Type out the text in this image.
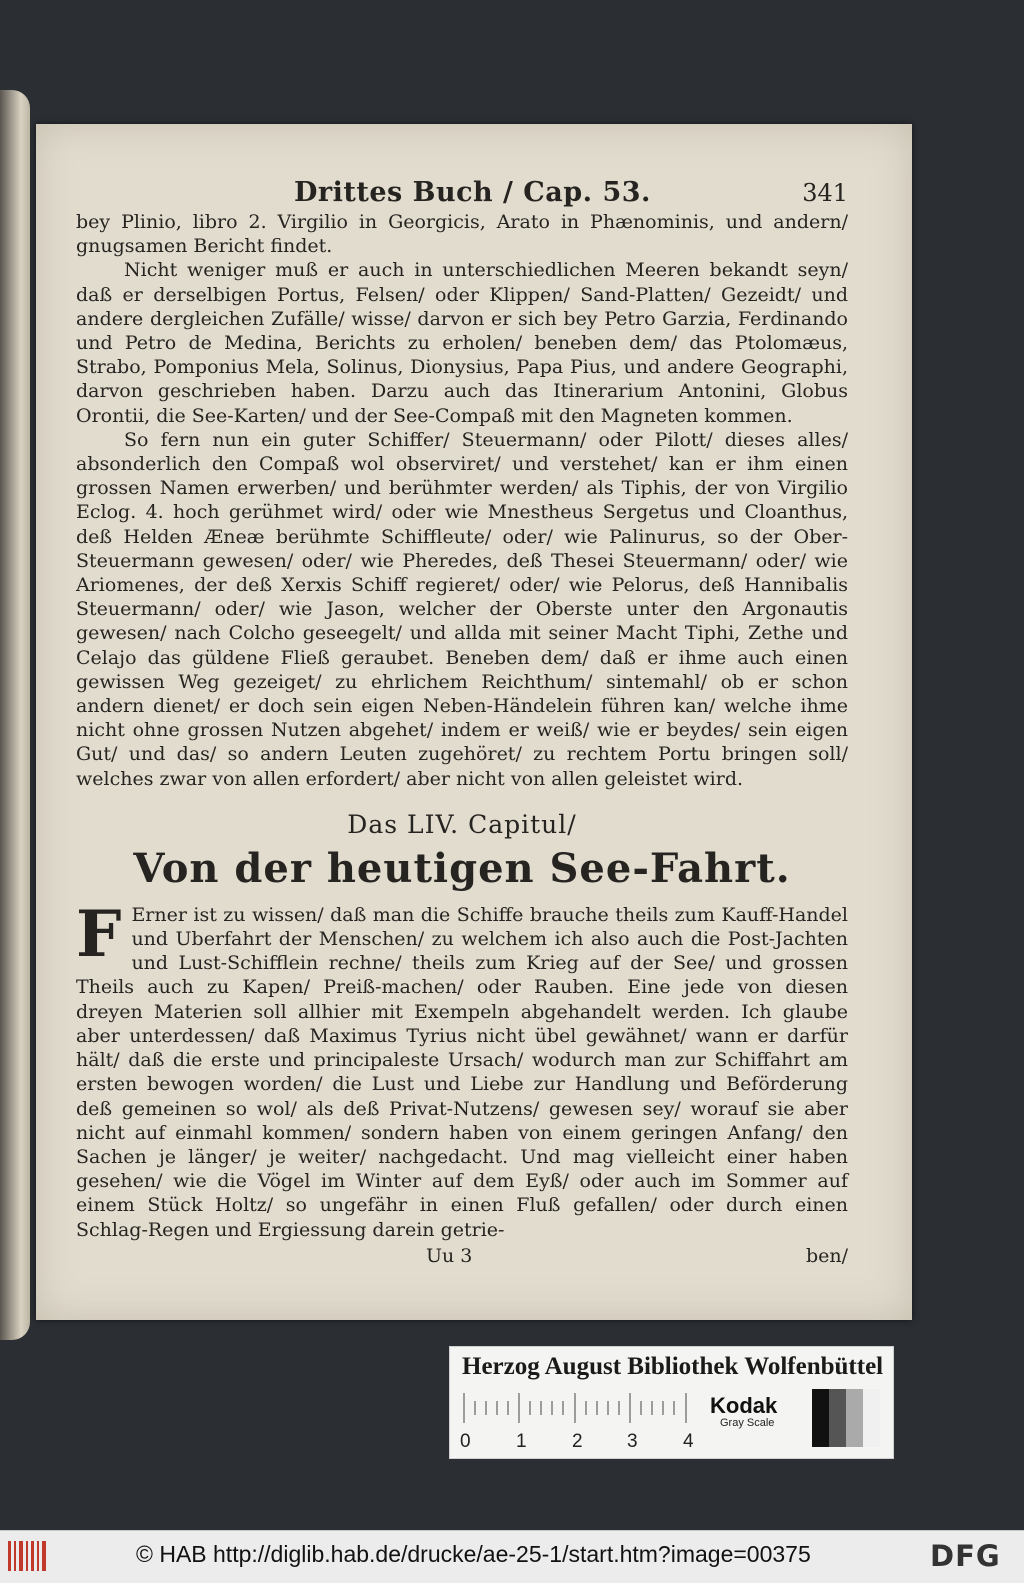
Drittes Buch / Cap. 53.	341

bey Plinio, libro 2. Virgilio in Georgicis, Arato in Phænominis, und andern/ gnugsamen Bericht findet.

Nicht weniger muß er auch in unterschiedlichen Meeren bekandt seyn/ daß er derselbigen Portus, Felsen/ oder Klippen/ Sand-Platten/ Gezeidt/ und andere dergleichen Zufälle/ wisse/ darvon er sich bey Petro Garzia, Ferdinando und Petro de Medina, Berichts zu erholen/ beneben dem/ das Ptolomæus, Strabo, Pomponius Mela, Solinus, Dionysius, Papa Pius, und andere Geographi, darvon geschrieben haben. Darzu auch das Itinerarium Antonini, Globus Orontii, die See-Karten/ und der See-Compaß mit den Magneten kommen.

So fern nun ein guter Schiffer/ Steuermann/ oder Pilott/ dieses alles/ absonderlich den Compaß wol observiret/ und verstehet/ kan er ihm einen grossen Namen erwerben/ und berühmter werden/ als Tiphis, der von Virgilio Eclog. 4. hoch gerühmet wird/ oder wie Mnestheus Sergetus und Cloanthus, deß Helden Æneæ berühmte Schiffleute/ oder/ wie Palinurus, so der Ober-Steuermann gewesen/ oder/ wie Pheredes, deß Thesei Steuermann/ oder/ wie Ariomenes, der deß Xerxis Schiff regieret/ oder/ wie Pelorus, deß Hannibalis Steuermann/ oder/ wie Jason, welcher der Oberste unter den Argonautis gewesen/ nach Colcho geseegelt/ und allda mit seiner Macht Tiphi, Zethe und Celajo das güldene Fließ geraubet. Beneben dem/ daß er ihme auch einen gewissen Weg gezeiget/ zu ehrlichem Reichthum/ sintemahl/ ob er schon andern dienet/ er doch sein eigen Neben-Händelein führen kan/ welche ihme nicht ohne grossen Nutzen abgehet/ indem er weiß/ wie er beydes/ sein eigen Gut/ und das/ so andern Leuten zugehöret/ zu rechtem Portu bringen soll/ welches zwar von allen erfordert/ aber nicht von allen geleistet wird.

Das LIV. Capitul/
Von der heutigen See-Fahrt.
F Erner ist zu wissen/ daß man die Schiffe brauche theils zum Kauff-Handel und Uberfahrt der Menschen/ zu welchem ich also auch die Post-Jachten und Lust-Schifflein rechne/ theils zum Krieg auf der See/ und grossen Theils auch zu Kapen/ Preiß-machen/ oder Rauben. Eine jede von diesen dreyen Materien soll allhier mit Exempeln abgehandelt werden. Ich glaube aber unterdessen/ daß Maximus Tyrius nicht übel gewähnet/ wann er darfür hält/ daß die erste und principaleste Ursach/ wodurch man zur Schiffahrt am ersten bewogen worden/ die Lust und Liebe zur Handlung und Beförderung deß gemeinen so wol/ als deß Privat-Nutzens/ gewesen sey/ worauf sie aber nicht auf einmahl kommen/ sondern haben von einem geringen Anfang/ den Sachen je länger/ je weiter/ nachgedacht. Und mag vielleicht einer haben gesehen/ wie die Vögel im Winter auf dem Eyß/ oder auch im Sommer auf einem Stück Holtz/ so ungefähr in einen Fluß gefallen/ oder durch einen Schlag-Regen und Ergiessung darein getrie-

Uu 3	ben/
Herzog August Bibliothek Wolfenbüttel
0 1 2 3 4
Kodak
Gray Scale
© HAB http://diglib.hab.de/drucke/ae-25-1/start.htm?image=00375	DFG
